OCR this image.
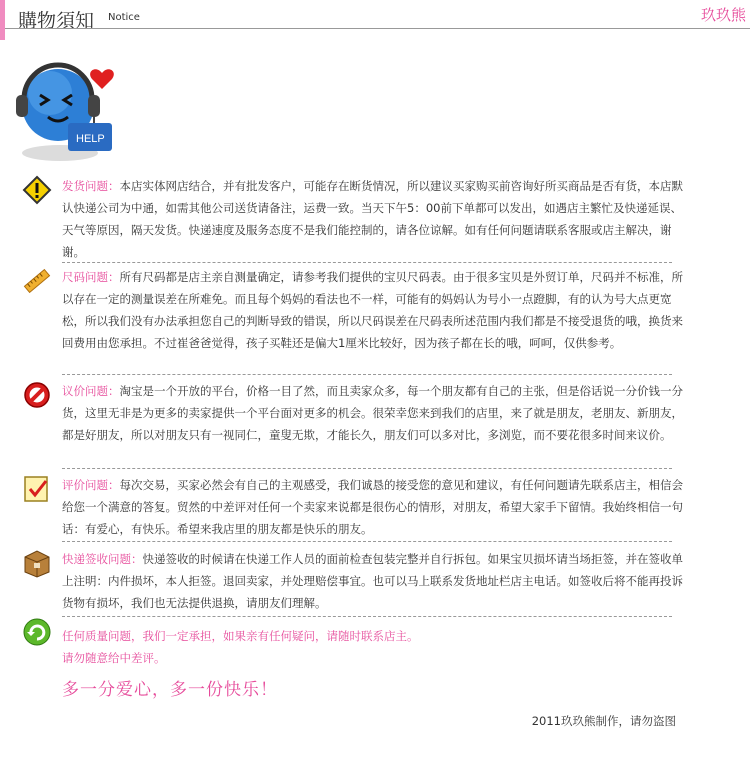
購物須知 Notice	玖玖熊
HELP
发货问题：本店实体网店结合，并有批发客户，可能存在断货情况，所以建议买家购买前咨询好所买商品是否有货，本店默认快递公司为中通，如需其他公司送货请备注，运费一致。当天下午5：00前下单都可以发出，如遇店主繁忙及快递延误、天气等原因，隔天发货。快递速度及服务态度不是我们能控制的，请各位谅解。如有任何问题请联系客服或店主解决，谢谢。
尺码问题：所有尺码都是店主亲自测量确定，请参考我们提供的宝贝尺码表。由于很多宝贝是外贸订单，尺码并不标准，所以存在一定的测量误差在所难免。而且每个妈妈的看法也不一样，可能有的妈妈认为号小一点蹬脚，有的认为号大点更宽松，所以我们没有办法承担您自己的判断导致的错误，所以尺码误差在尺码表所述范围内我们都是不接受退货的哦，换货来回费用由您承担。不过崔爸爸觉得，孩子买鞋还是偏大1厘米比较好，因为孩子都在长的哦，呵呵，仅供参考。
议价问题：淘宝是一个开放的平台，价格一目了然，而且卖家众多，每一个朋友都有自己的主张，但是俗话说一分价钱一分货，这里无非是为更多的卖家提供一个平台面对更多的机会。很荣幸您来到我们的店里，来了就是朋友，老朋友、新朋友，都是好朋友，所以对朋友只有一视同仁，童叟无欺，才能长久，朋友们可以多对比，多浏览，而不要花很多时间来议价。
评价问题：每次交易，买家必然会有自己的主观感受，我们诚恳的接受您的意见和建议，有任何问题请先联系店主，相信会给您一个满意的答复。贸然的中差评对任何一个卖家来说都是很伤心的情形，对朋友，希望大家手下留情。我始终相信一句话：有爱心，有快乐。希望来我店里的朋友都是快乐的朋友。
快递签收问题：快递签收的时候请在快递工作人员的面前检查包装完整并自行拆包。如果宝贝损坏请当场拒签，并在签收单上注明：内件损坏，本人拒签。退回卖家，并处理赔偿事宜。也可以马上联系发货地址栏店主电话。如签收后将不能再投诉货物有损坏，我们也无法提供退换，请朋友们理解。
任何质量问题，我们一定承担，如果亲有任何疑问，请随时联系店主。
请勿随意给中差评。
多一分爱心，多一份快乐！
2011玖玖熊制作，请勿盗图
